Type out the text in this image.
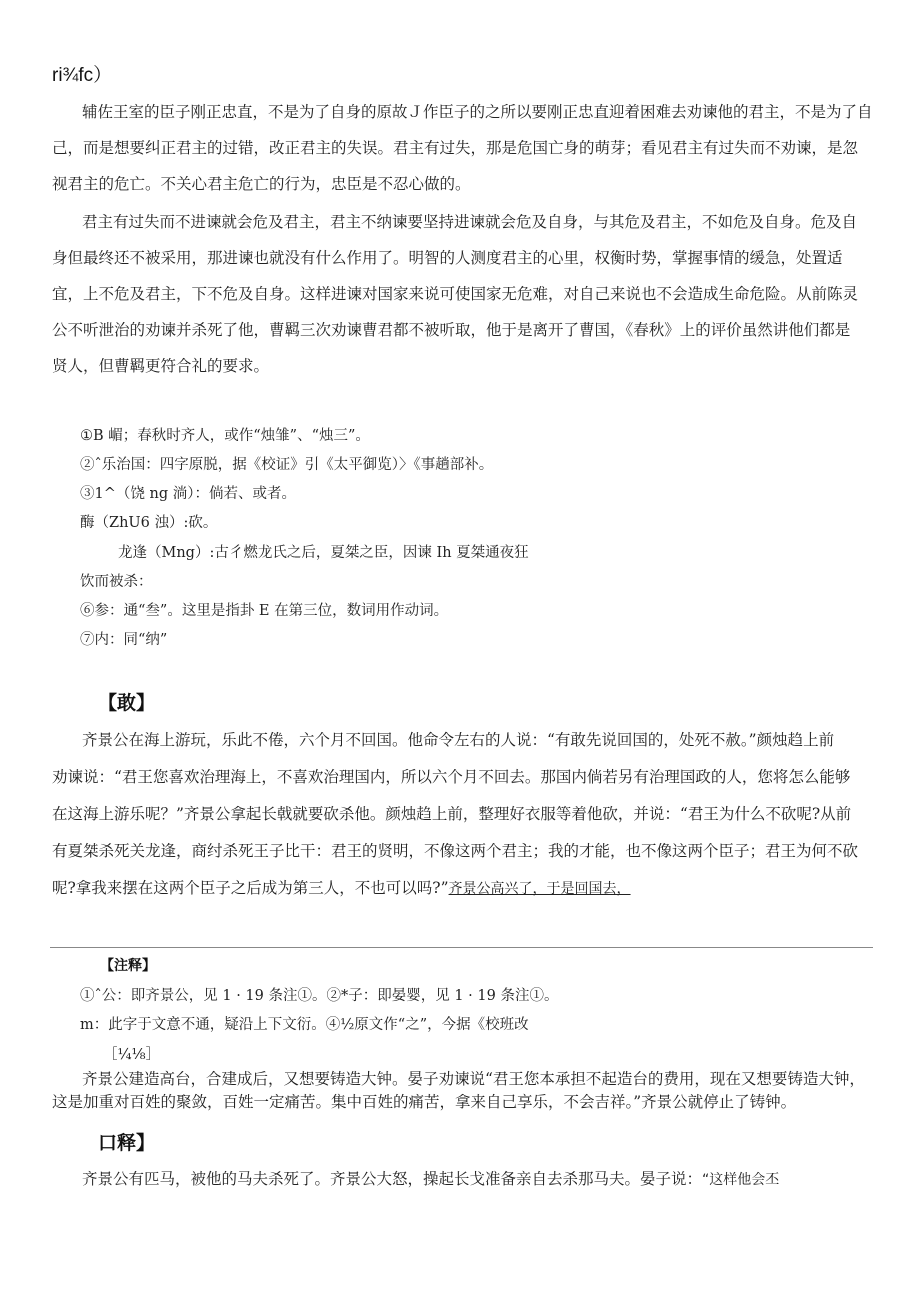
ri¾fc）
辅佐王室的臣子刚正忠直，不是为了自身的原故Ｊ作臣子的之所以要刚正忠直迎着困难去劝谏他的君主，不是为了自
己，而是想要纠正君主的过错，改正君主的失误。君主有过失，那是危国亡身的萌芽；看见君主有过失而不劝谏，是忽
视君主的危亡。不关心君主危亡的行为，忠臣是不忍心做的。
君主有过失而不进谏就会危及君主，君主不纳谏要坚持进谏就会危及自身，与其危及君主，不如危及自身。危及自
身但最终还不被采用，那进谏也就没有什么作用了。明智的人测度君主的心里，权衡时势，掌握事情的缓急，处置适
宜，上不危及君主，下不危及自身。这样进谏对国家来说可使国家无危难，对自己来说也不会造成生命危险。从前陈灵
公不听泄治的劝谏并杀死了他，曹羁三次劝谏曹君都不被听取，他于是离开了曹国，《春秋》上的评价虽然讲他们都是
贤人，但曹羁更符合礼的要求。
①B 嵋；春秋时齐人，或作“烛雏”、“烛三”。
②ˆ乐治国：四字原脱，据《校证》引《太平御览）〉《事趟部补。
③1^（饶 ng 淌）：倘若、或者。
酶（ZhU6 浊）:砍。
龙逢（Mng）:古彳燃龙氏之后，夏桀之臣，因谏 Ih 夏桀通夜狂
饮而被杀：
⑥参：通“叁”。这里是指卦 E 在第三位，数词用作动词。
⑦内：同“纳”
【敢】
齐景公在海上游玩，乐此不倦，六个月不回国。他命令左右的人说：“有敢先说回国的，处死不赦。”颜烛趋上前
劝谏说：“君王您喜欢治理海上，不喜欢治理国内，所以六个月不回去。那国内倘若另有治理国政的人，您将怎么能够
在这海上游乐呢？”齐景公拿起长戟就要砍杀他。颜烛趋上前，整理好衣服等着他砍，并说：“君王为什么不砍呢?从前
有夏桀杀死关龙逢，商纣杀死王子比干：君王的贤明，不像这两个君主；我的才能，也不像这两个臣子；君王为何不砍
呢?拿我来摆在这两个臣子之后成为第三人，不也可以吗?”齐景公高兴了，于是回国去，
【注释】
①ˆ公：即齐景公，见 1 · 19 条注①。②*子：即晏婴，见 1 · 19 条注①。
m：此字于文意不通，疑沿上下文衍。④½原文作“之”，今据《校班改
［¼⅛］
齐景公建造高台，合建成后，又想要铸造大钟。晏子劝谏说“君王您本承担不起造台的费用，现在又想要铸造大钟，
这是加重对百姓的聚敛，百姓一定痛苦。集中百姓的痛苦，拿来自己享乐，不会吉祥。”齐景公就停止了铸钟。
口释】
齐景公有匹马，被他的马夫杀死了。齐景公大怒，操起长戈准备亲自去杀那马夫。晏子说：“这样他会丕
